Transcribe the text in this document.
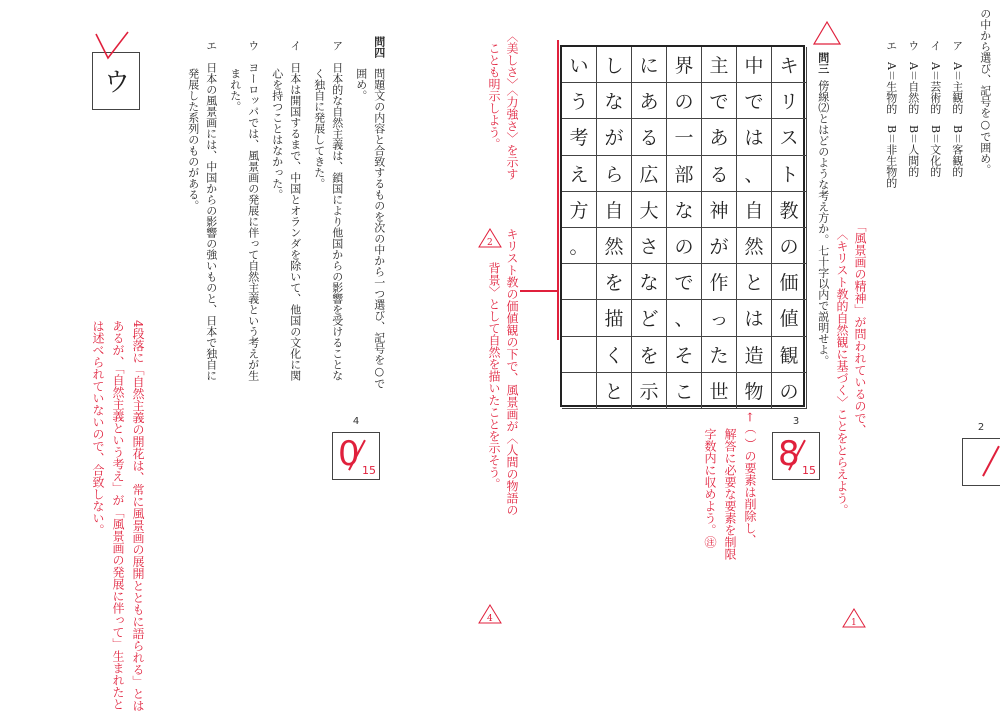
の中から選び、記号を○で囲め。
ア　A＝主観的　B＝客観的
イ　A＝芸術的　B＝文化的
ウ　A＝自然的　B＝人間的
エ　A＝生物的　B＝非生物的
2
問三
傍線⑵とはどのような考え方か。七十字以内で説明せよ。
い し に 界 主 中 キ
う な あ の で で リ
考 が る 一 あ は ス
え ら 広 部 る 、 ト
方 自 大 な 神 自 教
。 然 さ の が 然 の
を な で 作 と 価
描 ど 、 っ は 値
く を そ た 造 観
と 示 こ 世 物 の	「風景画の精神」が問われているので、
〈キリスト教的自然観に基づく〉ことをとらえよう。
1
3
8 15
←（ ）の要素は削除し、
解答に必要な要素を制限
字数内に収めよう。㊟
キリスト教の価値観の下で、風景画が〈人間の物語の
背景〉として自然を描いたことを示そう。
4
〈美しさ〉〈力強さ〉を示す
ことも明示しよう。
2
問四
問題文の内容と合致するものを次の中から一つ選び、記号を○で
囲め。
ア　日本的な自然主義は、鎖国により他国からの影響を受けることな
く独自に発展してきた。
イ　日本は開国するまで、中国とオランダを除いて、他国の文化に関
心を持つことはなかった。
ウ　ヨーロッパでは、風景画の発展に伴って自然主義という考えが生
まれた。
エ　日本の風景画には、中国からの影響の強いものと、日本で独自に
発展した系列のものがある。
4
0 15
4段落に「自然主義の開花は、常に風景画の展開とともに語られる」とは
あるが、「自然主義という考え」が「風景画の発展に伴って」生まれたと
は述べられていないので、合致しない。
ウ
